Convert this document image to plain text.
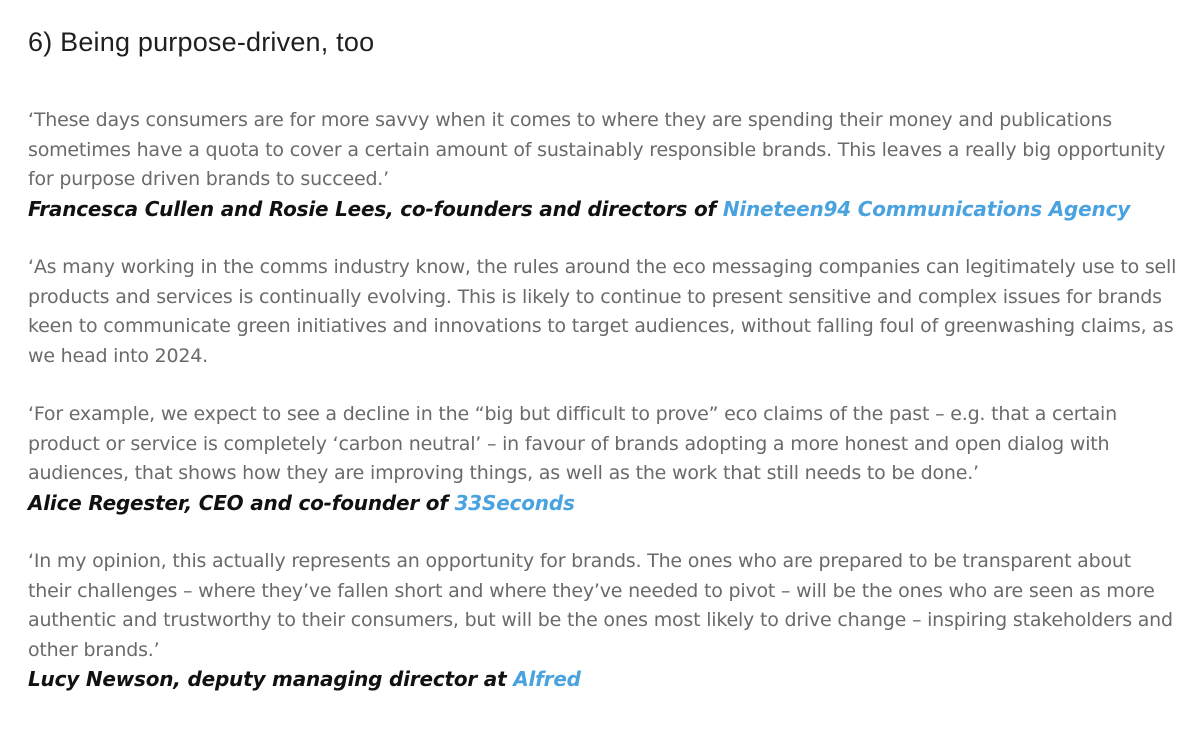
6) Being purpose-driven, too

‘These days consumers are for more savvy when it comes to where they are spending their money and publications sometimes have a quota to cover a certain amount of sustainably responsible brands. This leaves a really big opportunity for purpose driven brands to succeed.’

Francesca Cullen and Rosie Lees, co-founders and directors of Nineteen94 Communications Agency

‘As many working in the comms industry know, the rules around the eco messaging companies can legitimately use to sell products and services is continually evolving. This is likely to continue to present sensitive and complex issues for brands keen to communicate green initiatives and innovations to target audiences, without falling foul of greenwashing claims, as we head into 2024.

‘For example, we expect to see a decline in the “big but difficult to prove” eco claims of the past – e.g. that a certain product or service is completely ‘carbon neutral’ – in favour of brands adopting a more honest and open dialog with audiences, that shows how they are improving things, as well as the work that still needs to be done.’

Alice Regester, CEO and co-founder of 33Seconds

‘In my opinion, this actually represents an opportunity for brands. The ones who are prepared to be transparent about their challenges – where they’ve fallen short and where they’ve needed to pivot – will be the ones who are seen as more authentic and trustworthy to their consumers, but will be the ones most likely to drive change – inspiring stakeholders and other brands.’

Lucy Newson, deputy managing director at Alfred
